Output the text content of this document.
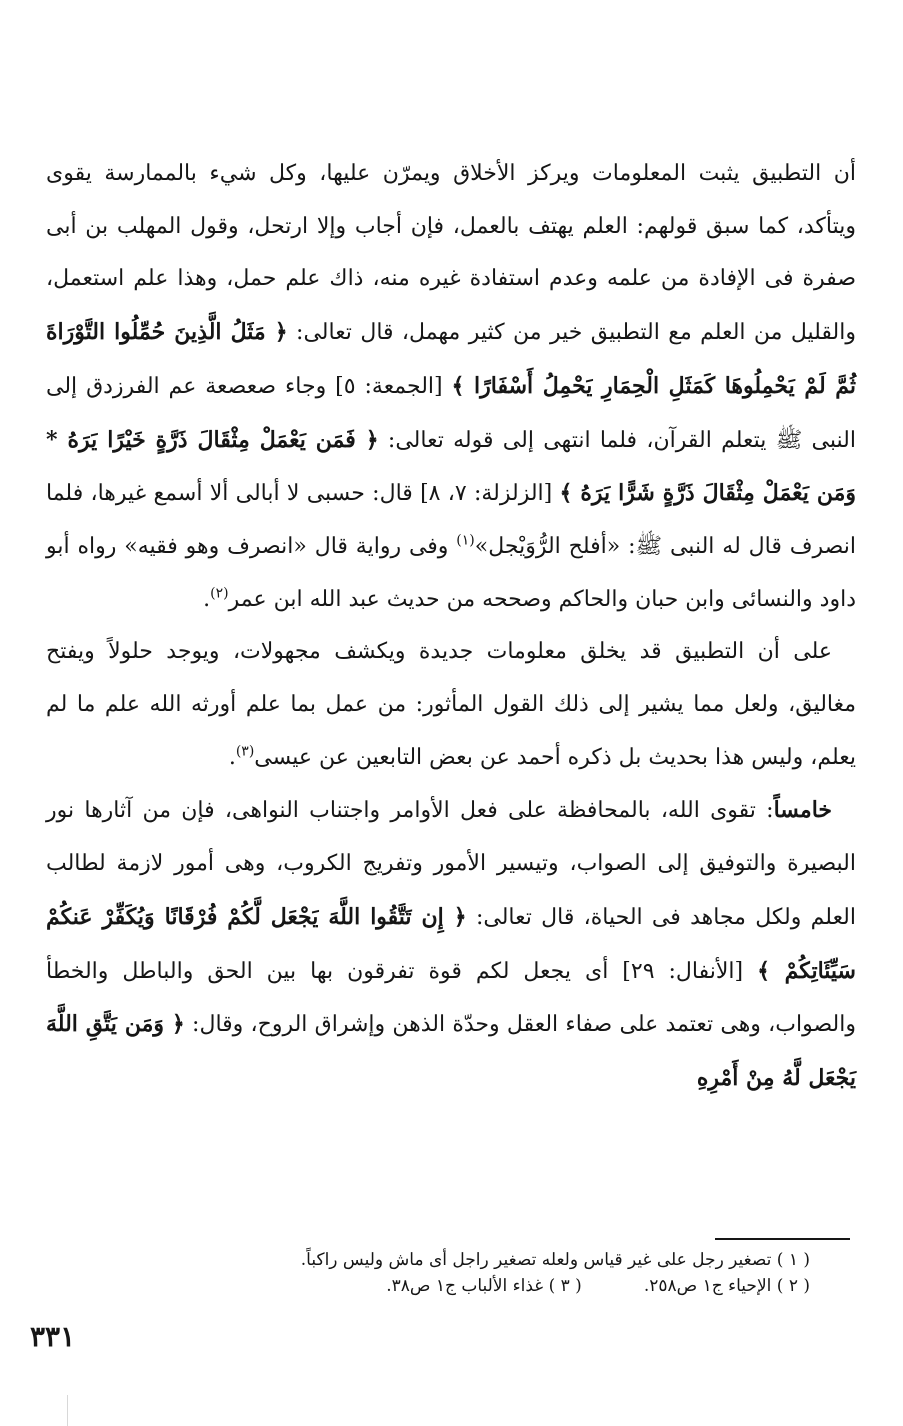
أن التطبيق يثبت المعلومات ويركز الأخلاق ويمرّن عليها، وكل شيء بالممارسة يقوى ويتأكد، كما سبق قولهم: العلم يهتف بالعمل، فإن أجاب وإلا ارتحل، وقول المهلب بن أبى صفرة فى الإفادة من علمه وعدم استفادة غيره منه، ذاك علم حمل، وهذا علم استعمل، والقليل من العلم مع التطبيق خير من كثير مهمل، قال تعالى: ﴿ مَثَلُ الَّذِينَ حُمِّلُوا التَّوْرَاةَ ثُمَّ لَمْ يَحْمِلُوهَا كَمَثَلِ الْحِمَارِ يَحْمِلُ أَسْفَارًا ﴾ [الجمعة: ٥] وجاء صعصعة عم الفرزدق إلى النبى ﷺ يتعلم القرآن، فلما انتهى إلى قوله تعالى: ﴿ فَمَن يَعْمَلْ مِثْقَالَ ذَرَّةٍ خَيْرًا يَرَهُ * وَمَن يَعْمَلْ مِثْقَالَ ذَرَّةٍ شَرًّا يَرَهُ ﴾ [الزلزلة: ٧، ٨] قال: حسبى لا أبالى ألا أسمع غيرها، فلما انصرف قال له النبى ﷺ: «أفلح الرُّوَيْجل»$^{(١)}$ وفى رواية قال «انصرف وهو فقيه» رواه أبو داود والنسائى وابن حبان والحاكم وصححه من حديث عبد الله ابن عمر$^{(٢)}$.

على أن التطبيق قد يخلق معلومات جديدة ويكشف مجهولات، ويوجد حلولاً ويفتح مغاليق، ولعل مما يشير إلى ذلك القول المأثور: من عمل بما علم أورثه الله علم ما لم يعلم، وليس هذا بحديث بل ذكره أحمد عن بعض التابعين عن عيسى$^{(٣)}$.

خامساً: تقوى الله، بالمحافظة على فعل الأوامر واجتناب النواهى، فإن من آثارها نور البصيرة والتوفيق إلى الصواب، وتيسير الأمور وتفريج الكروب، وهى أمور لازمة لطالب العلم ولكل مجاهد فى الحياة، قال تعالى: ﴿ إِن تَتَّقُوا اللَّهَ يَجْعَل لَّكُمْ فُرْقَانًا وَيُكَفِّرْ عَنكُمْ سَيِّئَاتِكُمْ ﴾ [الأنفال: ٢٩] أى يجعل لكم قوة تفرقون بها بين الحق والباطل والخطأ والصواب، وهى تعتمد على صفاء العقل وحدّة الذهن وإشراق الروح، وقال: ﴿ وَمَن يَتَّقِ اللَّهَ يَجْعَل لَّهُ مِنْ أَمْرِهِ

( ١ ) تصغير رجل على غير قياس ولعله تصغير راجل أى ماش وليس راكباً.
( ٢ ) الإحياء ج١ ص٢٥٨.
( ٣ ) غذاء الألباب ج١ ص٣٨.
٣٣١
